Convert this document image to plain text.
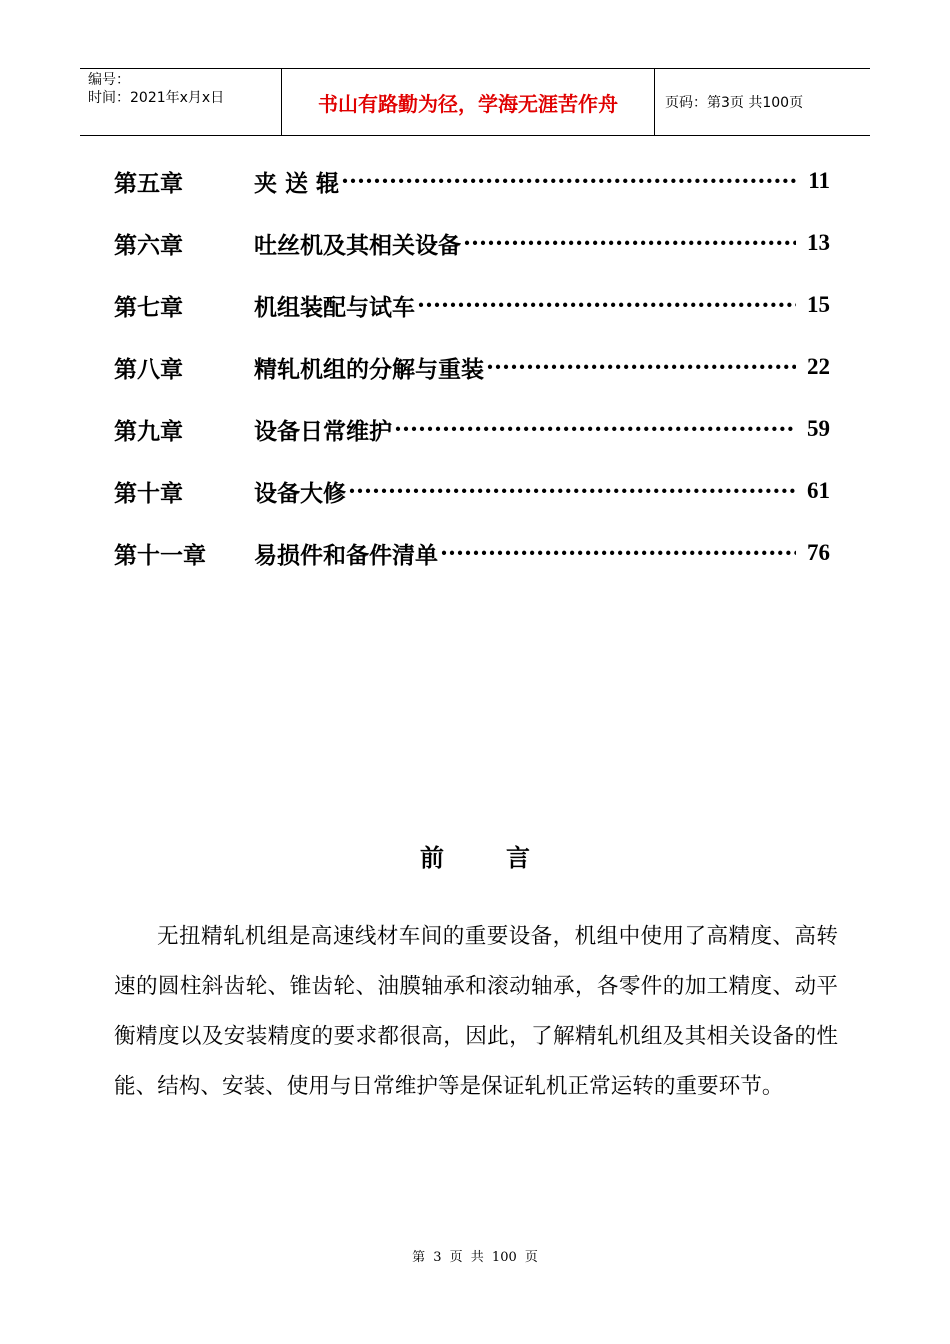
编号：
时间：2021年x月x日	书山有路勤为径，学海无涯苦作舟	页码：第3页 共100页
第五章	夹 送 辊 ·····	11
第六章	吐丝机及其相关设备 ·····	13
第七章	机组装配与试车 ·····	15
第八章	精轧机组的分解与重装 ·····	22
第九章	设备日常维护 ·····	59
第十章	设备大修 ·····	61
第十一章	易损件和备件清单 ·····	76
前言
无扭精轧机组是高速线材车间的重要设备，机组中使用了高精度、高转速的圆柱斜齿轮、锥齿轮、油膜轴承和滚动轴承，各零件的加工精度、动平衡精度以及安装精度的要求都很高，因此，了解精轧机组及其相关设备的性能、结构、安装、使用与日常维护等是保证轧机正常运转的重要环节。
第 3 页 共 100 页
